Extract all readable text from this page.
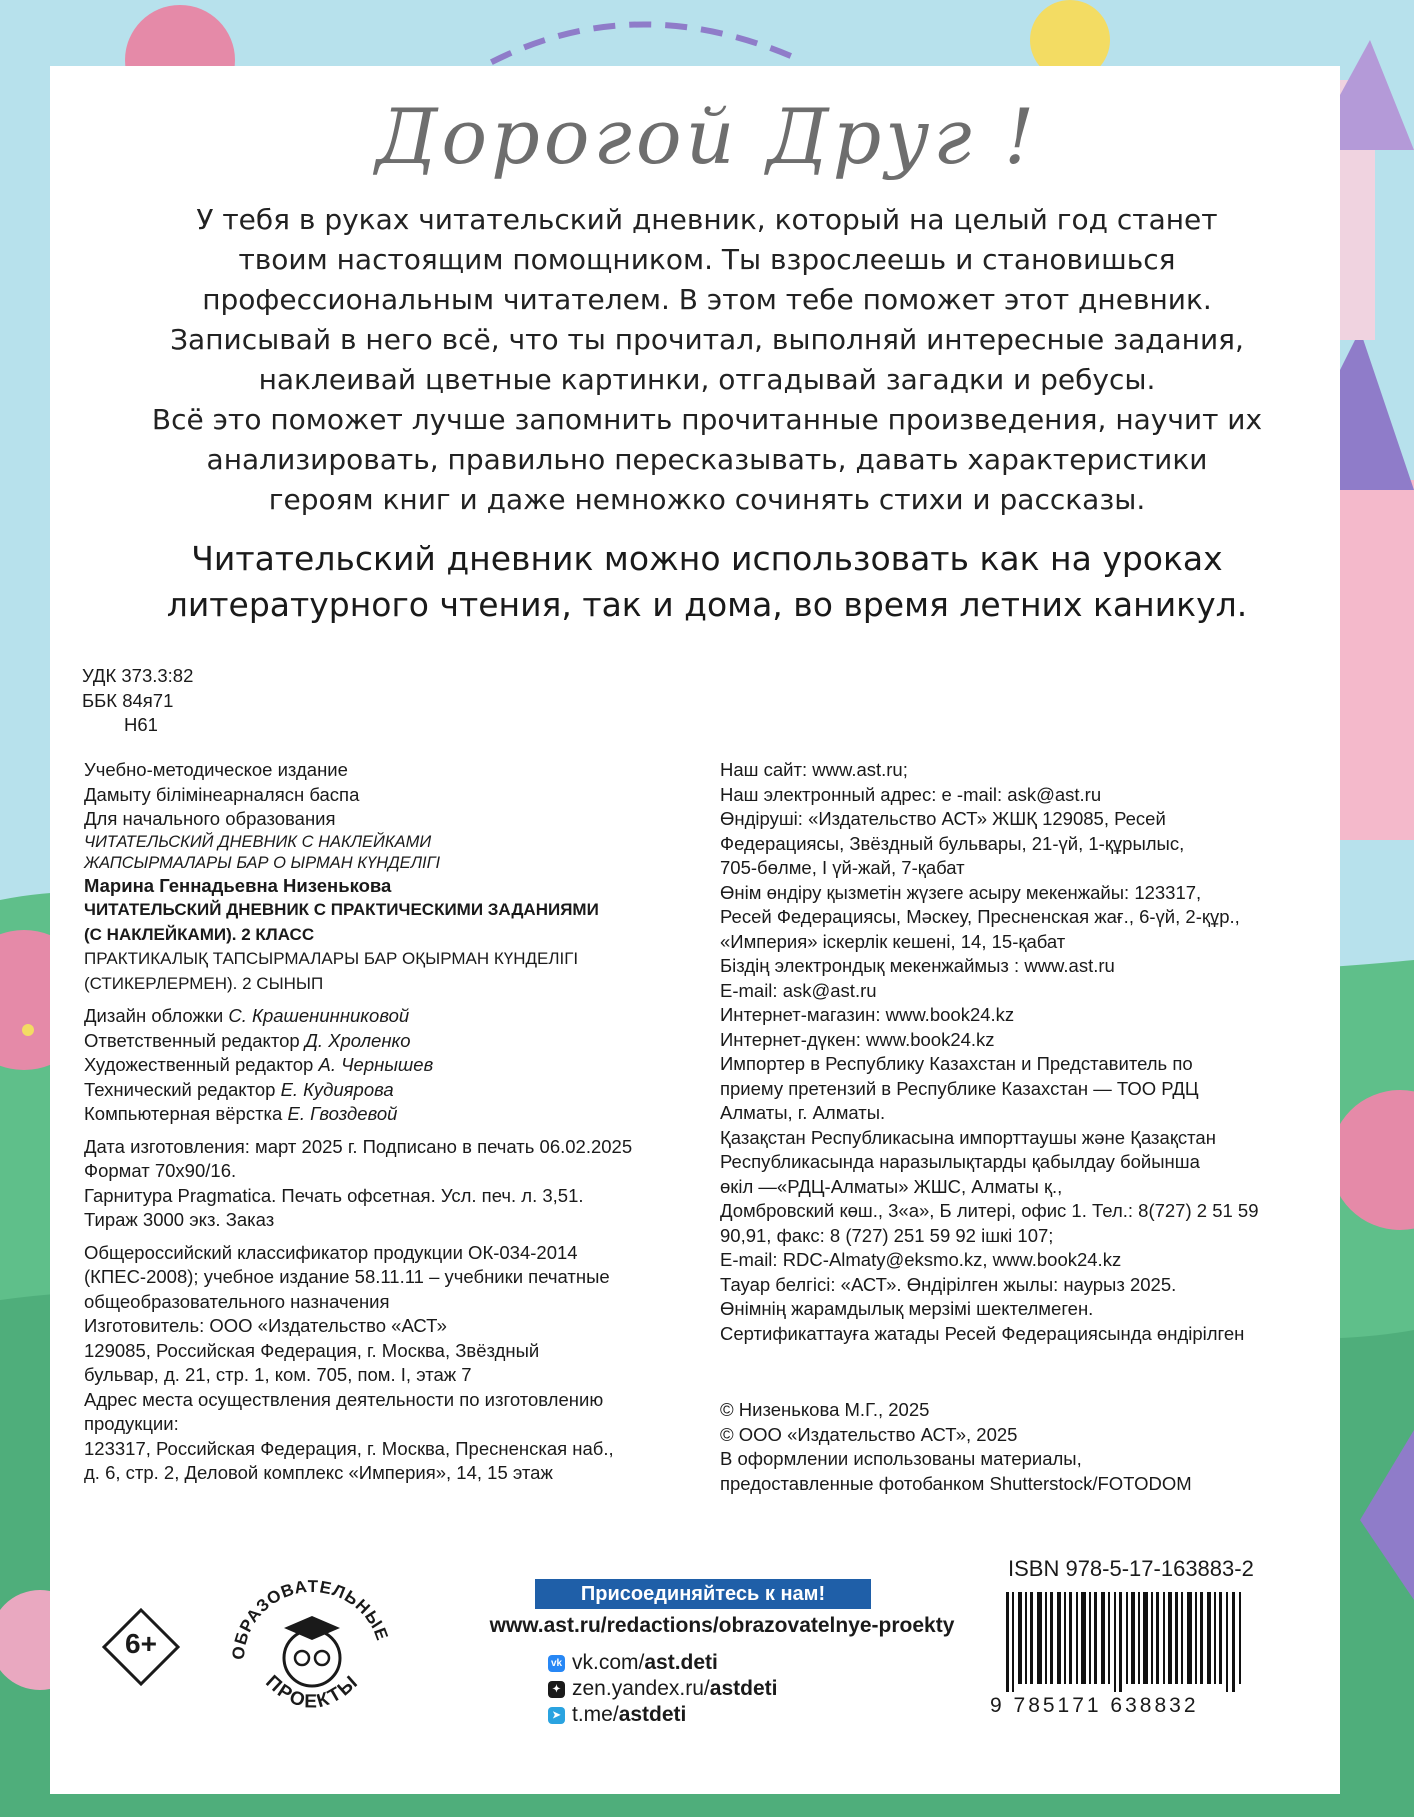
Дорогой Друг !
У тебя в руках читательский дневник, который на целый год станет
твоим настоящим помощником. Ты взрослеешь и становишься
профессиональным читателем. В этом тебе поможет этот дневник.
Записывай в него всё, что ты прочитал, выполняй интересные задания,
наклеивай цветные картинки, отгадывай загадки и ребусы.
Всё это поможет лучше запомнить прочитанные произведения, научит их
анализировать, правильно пересказывать, давать характеристики
героям книг и даже немножко сочинять стихи и рассказы.
Читательский дневник можно использовать как на уроках
литературного чтения, так и дома, во время летних каникул.
УДК 373.3:82
ББК 84я71
Н61
Учебно-методическое издание
Дамыту білімінеарналясн баспа
Для начального образования
ЧИТАТЕЛЬСКИЙ ДНЕВНИК С НАКЛЕЙКАМИ
ЖАПСЫРМАЛАРЫ БАР О ЫРМАН КҮНДЕЛІГІ
Марина Геннадьевна Низенькова
ЧИТАТЕЛЬСКИЙ ДНЕВНИК С ПРАКТИЧЕСКИМИ ЗАДАНИЯМИ
(С НАКЛЕЙКАМИ). 2 КЛАСС
ПРАКТИКАЛЫҚ ТАПСЫРМАЛАРЫ БАР ОҚЫРМАН КҮНДЕЛІГІ
(СТИКЕРЛЕРМЕН). 2 СЫНЫП
Дизайн обложки С. Крашенинниковой
Ответственный редактор Д. Хроленко
Художественный редактор А. Чернышев
Технический редактор Е. Кудиярова
Компьютерная вёрстка Е. Гвоздевой
Дата изготовления: март 2025 г. Подписано в печать 06.02.2025
Формат 70x90/16.
Гарнитура Pragmatica. Печать офсетная. Усл. печ. л. 3,51.
Тираж 3000 экз. Заказ
Общероссийский классификатор продукции ОК-034-2014
(КПЕС-2008); учебное издание 58.11.11 – учебники печатные
общеобразовательного назначения
Изготовитель: ООО «Издательство «АСТ»
129085, Российская Федерация, г. Москва, Звёздный
бульвар, д. 21, стр. 1, ком. 705, пом. I, этаж 7
Адрес места осуществления деятельности по изготовлению
продукции:
123317, Российская Федерация, г. Москва, Пресненская наб.,
д. 6, стр. 2, Деловой комплекс «Империя», 14, 15 этаж
Наш сайт: www.ast.ru;
Наш электронный адрес: e -mail: ask@ast.ru
Өндіруші: «Издательство АСТ» ЖШҚ 129085, Ресей
Федерациясы, Звёздный бульвары, 21-үй, 1-құрылыс,
705-бөлме, I үй-жай, 7-қабат
Өнім өндіру қызметін жүзеге асыру мекенжайы: 123317,
Ресей Федерациясы, Мәскеу, Пресненская жағ., 6-үй, 2-құр.,
«Империя» іскерлік кешені, 14, 15-қабат
Біздің электрондық мекенжаймыз : www.ast.ru
E-mail: ask@ast.ru
Интернет-магазин: www.book24.kz
Интернет-дүкен: www.book24.kz
Импортер в Республику Казахстан и Представитель по
приему претензий в Республике Казахстан — ТОО РДЦ
Алматы, г. Алматы.
Қазақстан Республикасына импорттаушы және Қазақстан
Республикасында наразылықтарды қабылдау бойынша
өкіл —«РДЦ-Алматы» ЖШС, Алматы қ.,
Домбровский көш., 3«а», Б литері, офис 1. Тел.: 8(727) 2 51 59
90,91, факс: 8 (727) 251 59 92 ішкі 107;
E-mail: RDC-Almaty@eksmo.kz, www.book24.kz
Тауар белгісі: «АСТ». Өндірілген жылы: наурыз 2025.
Өнімнің жарамдылық мерзімі шектелмеген.
Сертификаттауға жатады Ресей Федерациясында өндірілген
© Низенькова М.Г., 2025
© ООО «Издательство АСТ», 2025
В оформлении использованы материалы,
предоставленные фотобанком Shutterstock/FOTODOM
6+	ОБРАЗОВАТЕЛЬНЫЕ
ПРОЕКТЫ
Присоединяйтесь к нам!
www.ast.ru/redactions/obrazovatelnye-proekty
vk vk.com/ ast.deti
✦ zen.yandex.ru/ astdeti
➤ t.me/ astdeti
ISBN 978-5-17-163883-2
9 785171 638832
